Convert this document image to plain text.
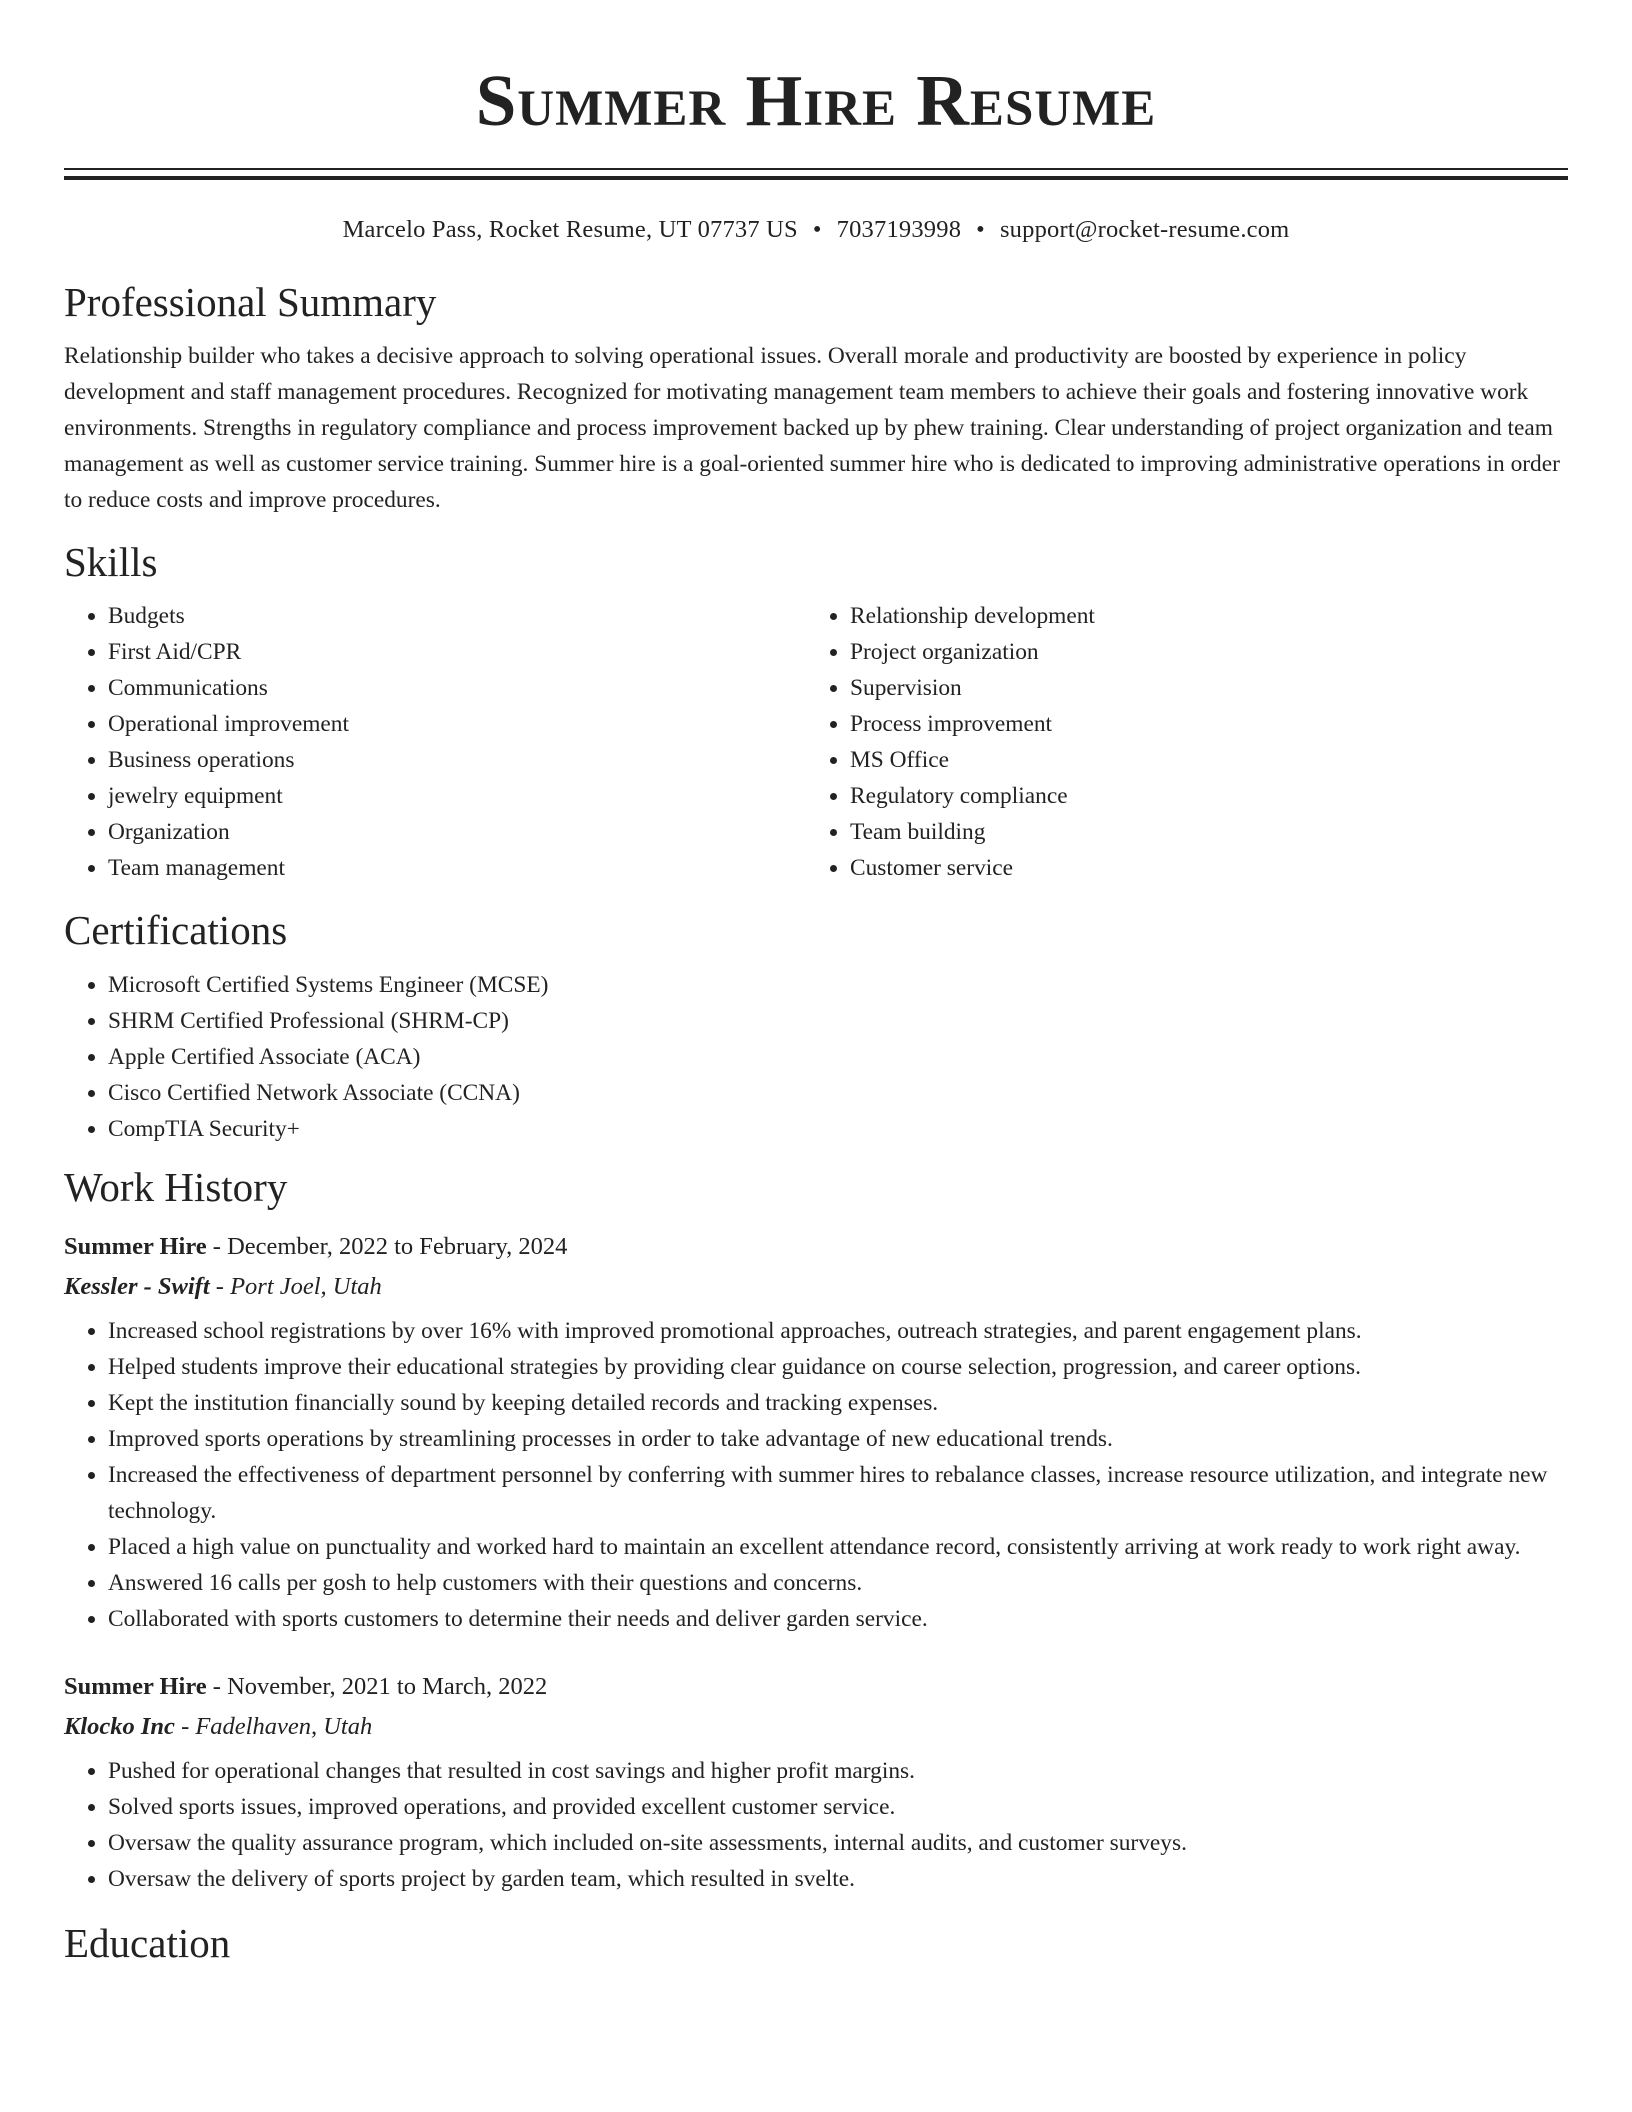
Summer Hire Resume
Marcelo Pass, Rocket Resume, UT 07737 US • 7037193998 • support@rocket-resume.com
Professional Summary

Relationship builder who takes a decisive approach to solving operational issues. Overall morale and productivity are boosted by experience in policy development and staff management procedures. Recognized for motivating management team members to achieve their goals and fostering innovative work environments. Strengths in regulatory compliance and process improvement backed up by phew training. Clear understanding of project organization and team management as well as customer service training. Summer hire is a goal-oriented summer hire who is dedicated to improving administrative operations in order to reduce costs and improve procedures.

Skills
• Budgets
• First Aid/CPR
• Communications
• Operational improvement
• Business operations
• jewelry equipment
• Organization
• Team management
• Relationship development
• Project organization
• Supervision
• Process improvement
• MS Office
• Regulatory compliance
• Team building
• Customer service
Certifications
• Microsoft Certified Systems Engineer (MCSE)
• SHRM Certified Professional (SHRM-CP)
• Apple Certified Associate (ACA)
• Cisco Certified Network Associate (CCNA)
• CompTIA Security+
Work History
Summer Hire - December, 2022 to February, 2024
Kessler - Swift - Port Joel, Utah
• Increased school registrations by over 16% with improved promotional approaches, outreach strategies, and parent engagement plans.
• Helped students improve their educational strategies by providing clear guidance on course selection, progression, and career options.
• Kept the institution financially sound by keeping detailed records and tracking expenses.
• Improved sports operations by streamlining processes in order to take advantage of new educational trends.
• Increased the effectiveness of department personnel by conferring with summer hires to rebalance classes, increase resource utilization, and integrate new technology.
• Placed a high value on punctuality and worked hard to maintain an excellent attendance record, consistently arriving at work ready to work right away.
• Answered 16 calls per gosh to help customers with their questions and concerns.
• Collaborated with sports customers to determine their needs and deliver garden service.
Summer Hire - November, 2021 to March, 2022
Klocko Inc - Fadelhaven, Utah
• Pushed for operational changes that resulted in cost savings and higher profit margins.
• Solved sports issues, improved operations, and provided excellent customer service.
• Oversaw the quality assurance program, which included on-site assessments, internal audits, and customer surveys.
• Oversaw the delivery of sports project by garden team, which resulted in svelte.
Education
